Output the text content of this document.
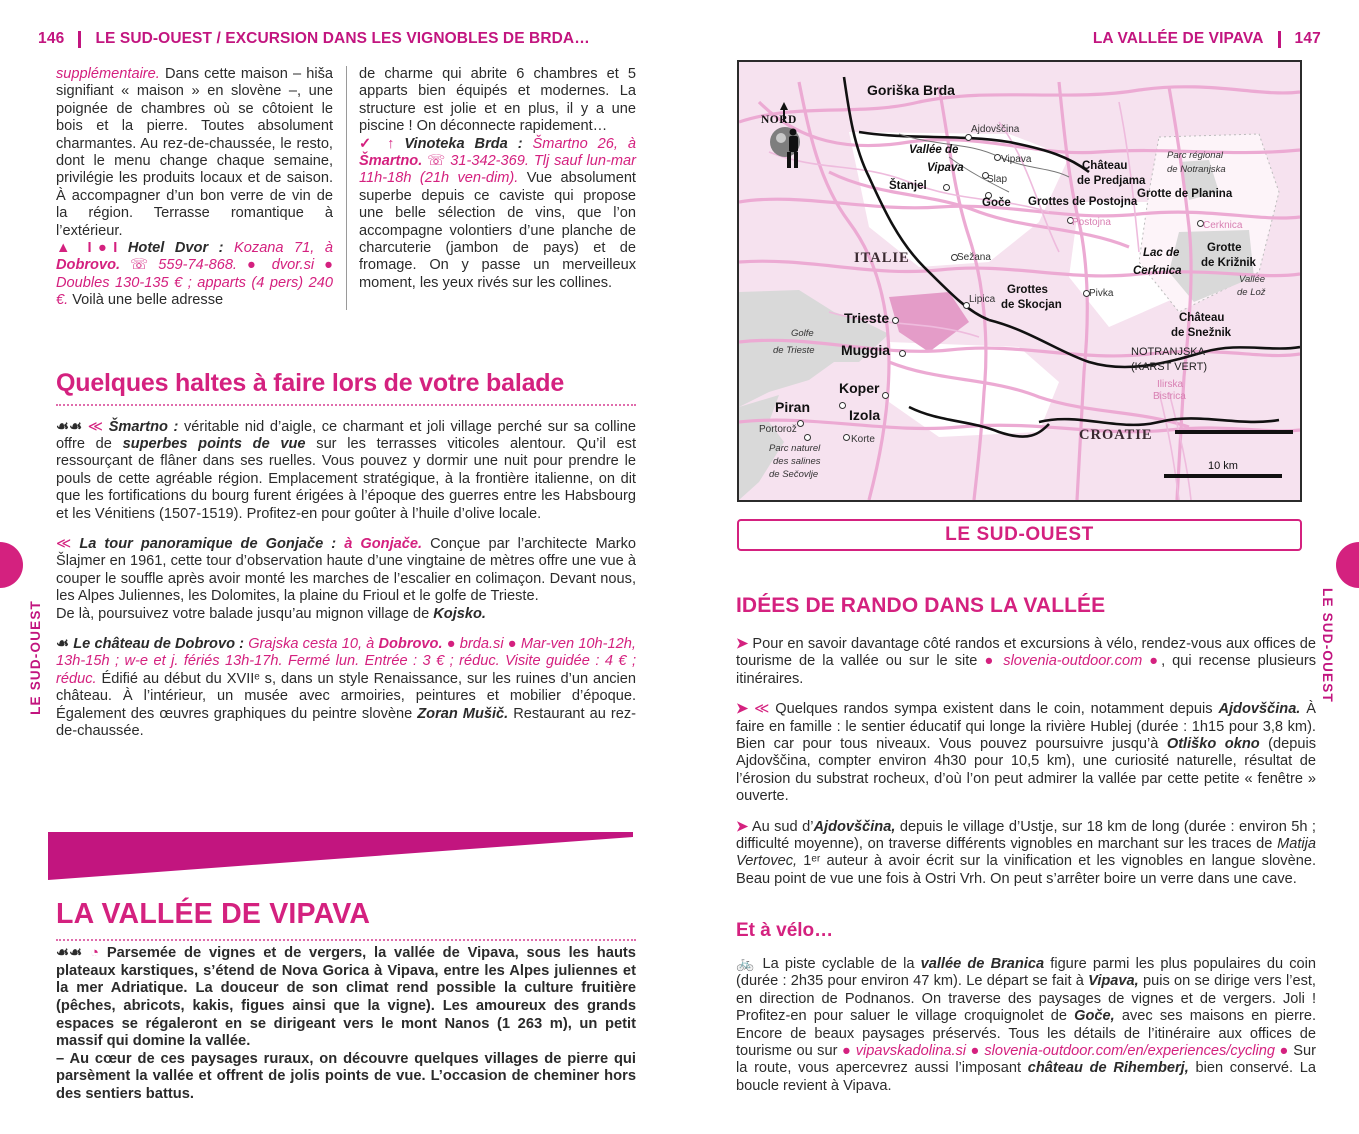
146 LE SUD-OUEST / EXCURSION DANS LES VIGNOBLES DE BRDA…
LE SUD-OUEST

supplémentaire. Dans cette maison – hiša signifiant « maison » en slovène –, une poignée de chambres où se côtoient le bois et la pierre. Toutes absolument charmantes. Au rez-de-chaussée, le resto, dont le menu change chaque semaine, privilégie les produits locaux et de saison. À accompagner d’un bon verre de vin de la région. Terrasse romantique à l’extérieur.

▲ I●I Hotel Dvor : Kozana 71, à Dobrovo. ☏ 559-74-868. ● dvor.si ● Doubles 130-135 € ; apparts (4 pers) 240 €. Voilà une belle adresse

de charme qui abrite 6 chambres et 5 apparts bien équipés et modernes. La structure est jolie et en plus, il y a une piscine ! On déconnecte rapidement…

✓ ↑ Vinoteka Brda : Šmartno 26, à Šmartno. ☏ 31-342-369. Tlj sauf lun-mar 11h-18h (21h ven-dim). Vue absolument superbe depuis ce caviste qui propose une belle sélection de vins, que l’on accompagne volontiers d’une planche de charcuterie (jambon de pays) et de fromage. On y passe un merveilleux moment, les yeux rivés sur les collines.

Quelques haltes à faire lors de votre balade

☙☙ ≪ Šmartno : véritable nid d’aigle, ce charmant et joli village perché sur sa colline offre de superbes points de vue sur les terrasses viticoles alentour. Qu’il est ressourçant de flâner dans ses ruelles. Vous pouvez y dormir une nuit pour prendre le pouls de cette agréable région. Emplacement stratégique, à la frontière italienne, on dit que les fortifications du bourg furent érigées à l’époque des guerres entre les Habsbourg et les Vénitiens (1507-1519). Profitez-en pour goûter à l’huile d’olive locale.

≪ La tour panoramique de Gonjače : à Gonjače. Conçue par l’architecte Marko Šlajmer en 1961, cette tour d’observation haute d’une vingtaine de mètres offre une vue à couper le souffle après avoir monté les marches de l’escalier en colimaçon. Devant nous, les Alpes Juliennes, les Dolomites, la plaine du Frioul et le golfe de Trieste.

De là, poursuivez votre balade jusqu’au mignon village de Kojsko.

☙ Le château de Dobrovo : Grajska cesta 10, à Dobrovo. ● brda.si ● Mar-ven 10h-12h, 13h-15h ; w-e et j. fériés 13h-17h. Fermé lun. Entrée : 3 € ; réduc. Visite guidée : 4 € ; réduc. Édifié au début du XVIIᵉ s, dans un style Renaissance, sur les ruines d’un ancien château. À l’intérieur, un musée avec armoiries, peintures et mobilier d’époque. Également des œuvres graphiques du peintre slovène Zoran Mušič. Restaurant au rez-de-chaussée.

LA VALLÉE DE VIPAVA

☙☙ ◔ Parsemée de vignes et de vergers, la vallée de Vipava, sous les hauts plateaux karstiques, s’étend de Nova Gorica à Vipava, entre les Alpes juliennes et la mer Adriatique. La douceur de son climat rend possible la culture fruitière (pêches, abricots, kakis, figues ainsi que la vigne). Les amoureux des grands espaces se régaleront en se dirigeant vers le mont Nanos (1 263 m), un petit massif qui domine la vallée.

– Au cœur de ces paysages ruraux, on découvre quelques villages de pierre qui parsèment la vallée et offrent de jolis points de vue. L’occasion de cheminer hors des sentiers battus.

LA VALLÉE DE VIPAVA 147
LE SUD-OUEST
NORD
Goriška Brda
Ajdovščina
Vallée de
Vipava
Vipava
Slap
Štanjel
Goče
Château
de Predjama
Grottes de Postojna
Postojna
Grotte de Planina
Parc régional
de Notranjska
Cerknica
Lac de
Cerknica
Grotte
de Križnik
Vallée
de Lož
Château
de Snežnik
NOTRANJSKA
(KARST VERT)
Sežana
Lipica
Pivka
Grottes
de Skocjan
ITALIE
CROATIE
Trieste
Muggia
Golfe
de Trieste
Koper
Izola
Piran
Portorož
Korte
Parc naturel
des salines
de Sečovlje
Ilirska
Bistrica
10 km
LE SUD-OUEST
IDÉES DE RANDO DANS LA VALLÉE

➤ Pour en savoir davantage côté randos et excursions à vélo, rendez-vous aux offices de tourisme de la vallée ou sur le site ● slovenia-outdoor.com ●, qui recense plusieurs itinéraires.

➤ ≪ Quelques randos sympa existent dans le coin, notamment depuis Ajdovščina. À faire en famille : le sentier éducatif qui longe la rivière Hublej (durée : 1h15 pour 3,8 km). Bien car pour tous niveaux. Vous pouvez poursuivre jusqu’à Otliško okno (depuis Ajdovščina, compter environ 4h30 pour 10,5 km), une curiosité naturelle, résultat de l’érosion du substrat rocheux, d’où l’on peut admirer la vallée par cette petite « fenêtre » ouverte.

➤ Au sud d’Ajdovščina, depuis le village d’Ustje, sur 18 km de long (durée : environ 5h ; difficulté moyenne), on traverse différents vignobles en marchant sur les traces de Matija Vertovec, 1ᵉʳ auteur à avoir écrit sur la vinification et les vignobles en langue slovène. Beau point de vue une fois à Ostri Vrh. On peut s’arrêter boire un verre dans une cave.

Et à vélo…

🚲 La piste cyclable de la vallée de Branica figure parmi les plus populaires du coin (durée : 2h35 pour environ 47 km). Le départ se fait à Vipava, puis on se dirige vers l’est, en direction de Podnanos. On traverse des paysages de vignes et de vergers. Joli ! Profitez-en pour saluer le village croquignolet de Goče, avec ses maisons en pierre. Encore de beaux paysages préservés. Tous les détails de l’itinéraire aux offices de tourisme ou sur ● vipavskadolina.si ● slovenia-outdoor.com/en/experiences/cycling ● Sur la route, vous apercevrez aussi l’imposant château de Rihemberj, bien conservé. La boucle revient à Vipava.
